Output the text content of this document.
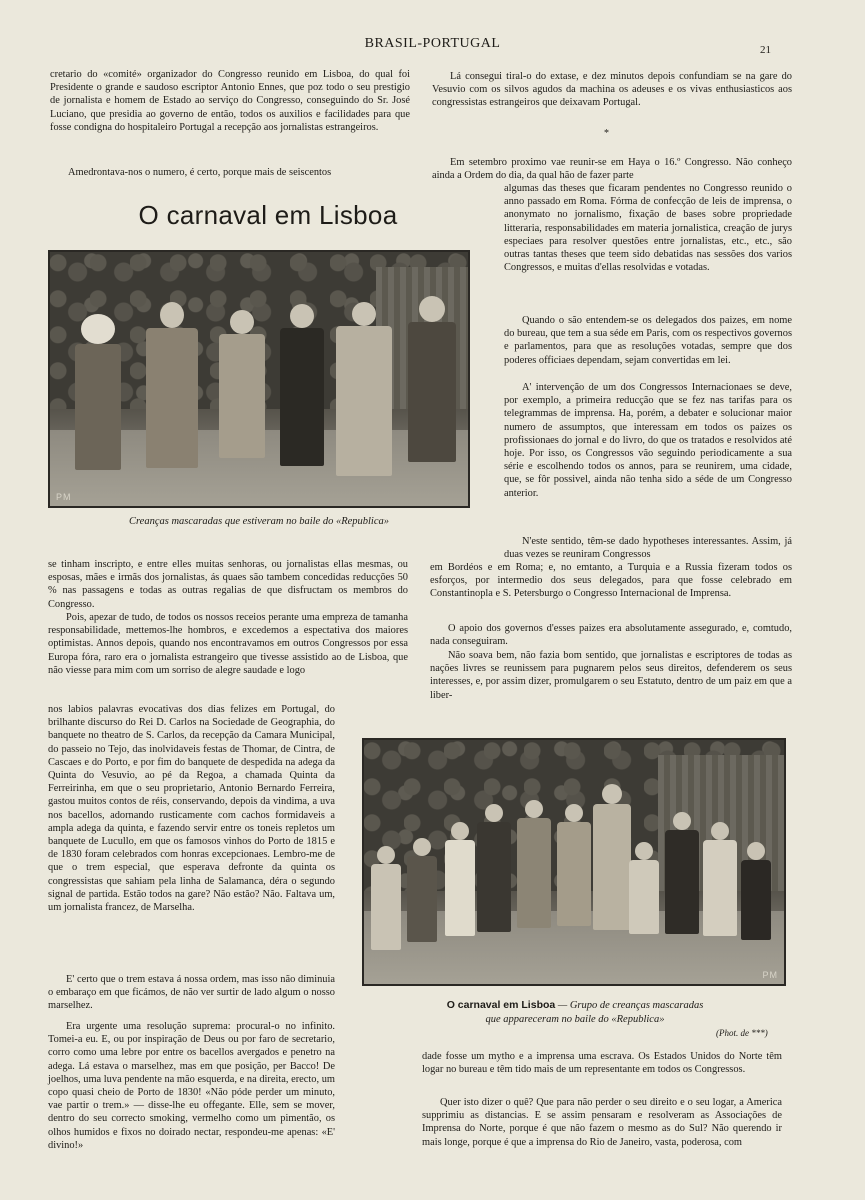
BRASIL-PORTUGAL	21

cretario do «comité» organizador do Congresso reunido em Lisboa, do qual foi Presidente o grande e saudoso escriptor Antonio Ennes, que poz todo o seu prestigio de jornalista e homem de Estado ao serviço do Congresso, conseguindo do Sr. José Luciano, que presidia ao governo de então, todos os auxilios e facilidades para que fosse condigna do hospitaleiro Portugal a recepção aos jornalistas estrangeiros.

Amedrontava-nos o numero, é certo, porque mais de seiscentos

O carnaval em Lisboa
PM
Creanças mascaradas que estiveram no baile do «Republica»

se tinham inscripto, e entre elles muitas senhoras, ou jornalistas ellas mesmas, ou esposas, mães e irmãs dos jornalistas, ás quaes são tambem concedidas reducções 50 % nas passagens e todas as outras regalias de que disfructam os membros do Congresso.

Pois, apezar de tudo, de todos os nossos receios perante uma empreza de tamanha responsabilidade, mettemos-lhe hombros, e excedemos a espectativa dos maiores optimistas. Annos depois, quando nos encontravamos em outros Congressos por essa Europa fóra, raro era o jornalista estrangeiro que tivesse assistido ao de Lisboa, que não viesse para mim com um sorriso de alegre saudade e logo

nos labios palavras evocativas dos dias felizes em Portugal, do brilhante discurso do Rei D. Carlos na Sociedade de Geographia, do banquete no theatro de S. Carlos, da recepção da Camara Municipal, do passeio no Tejo, das inolvidaveis festas de Thomar, de Cintra, de Cascaes e do Porto, e por fim do banquete de despedida na adega da Quinta do Vesuvio, ao pé da Regoa, a chamada Quinta da Ferreirinha, em que o seu proprietario, Antonio Bernardo Ferreira, gastou muitos contos de réis, conservando, depois da vindima, a uva nos bacellos, adornando rusticamente com cachos formidaveis a ampla adega da quinta, e fazendo servir entre os toneis repletos um banquete de Lucullo, em que os famosos vinhos do Porto de 1815 e de 1830 foram celebrados com honras excepcionaes. Lembro-me de que o trem especial, que esperava defronte da quinta os congressistas que sahiam pela linha de Salamanca, déra o segundo signal de partida. Estão todos na gare? Não estão? Não. Faltava um, um jornalista francez, de Marselha.

E' certo que o trem estava á nossa ordem, mas isso não diminuia o embaraço em que ficámos, de não ver surtir de lado algum o nosso marselhez.

Era urgente uma resolução suprema: procural-o no infinito. Tomei-a eu. E, ou por inspiração de Deus ou por faro de secretario, corro como uma lebre por entre os bacellos avergados e penetro na adega. Lá estava o marselhez, mas em que posição, per Bacco! De joelhos, uma luva pendente na mão esquerda, e na direita, erecto, um copo quasi cheio de Porto de 1830! «Não póde perder um minuto, vae partir o trem.» — disse-lhe eu offegante. Elle, sem se mover, dentro do seu correcto smoking, vermelho como um pimentão, os olhos humidos e fixos no doirado nectar, respondeu-me apenas: «E' divino!»

Lá consegui tiral-o do extase, e dez minutos depois confundiam se na gare do Vesuvio com os silvos agudos da machina os adeuses e os vivas enthusiasticos aos congressistas estrangeiros que deixavam Portugal.

*

Em setembro proximo vae reunir-se em Haya o 16.º Congresso. Não conheço ainda a Ordem do dia, da qual hão de fazer parte

algumas das theses que ficaram pendentes no Congresso reunido o anno passado em Roma. Fórma de confecção de leis de imprensa, o anonymato no jornalismo, fixação de bases sobre propriedade litteraria, responsabilidades em materia jornalistica, creação de jurys especiaes para resolver questões entre jornalistas, etc., etc., são outras tantas theses que teem sido debatidas nas sessões dos varios Congressos, e muitas d'ellas resolvidas e votadas.

Quando o são entendem-se os delegados dos paizes, em nome do bureau, que tem a sua séde em Paris, com os respectivos governos e parlamentos, para que as resoluções votadas, sempre que dos poderes officiaes dependam, sejam convertidas em lei.

A' intervenção de um dos Congressos Internacionaes se deve, por exemplo, a primeira reducção que se fez nas tarifas para os telegrammas de imprensa. Ha, porém, a debater e solucionar maior numero de assumptos, que interessam em todos os paizes os profissionaes do jornal e do livro, do que os tratados e resolvidos até hoje. Por isso, os Congressos vão seguindo periodicamente a sua série e escolhendo todos os annos, para se reunirem, uma cidade, que, se fôr possivel, ainda não tenha sido a séde de um Congresso anterior.

N'este sentido, têm-se dado hypotheses interessantes. Assim, já duas vezes se reuniram Congressos

em Bordéos e em Roma; e, no emtanto, a Turquia e a Russia fizeram todos os esforços, por intermedio dos seus delegados, para que fosse celebrado em Constantinopla e S. Petersburgo o Congresso Internacional de Imprensa.

O apoio dos governos d'esses paizes era absolutamente assegurado, e, comtudo, nada conseguiram.

Não soava bem, não fazia bom sentido, que jornalistas e escriptores de todas as nações livres se reunissem para pugnarem pelos seus direitos, defenderem os seus interesses, e, por assim dizer, promulgarem o seu Estatuto, dentro de um paiz em que a liber-

PM
O carnaval em Lisboa — Grupo de creanças mascaradas
que appareceram no baile do «Republica»
(Phot. de ***)

dade fosse um mytho e a imprensa uma escrava. Os Estados Unidos do Norte têm logar no bureau e têm tido mais de um representante em todos os Congressos.

Quer isto dizer o quê? Que para não perder o seu direito e o seu logar, a America supprimiu as distancias. E se assim pensaram e resolveram as Associações de Imprensa do Norte, porque é que não fazem o mesmo as do Sul? Não querendo ir mais longe, porque é que a imprensa do Rio de Janeiro, vasta, poderosa, com
